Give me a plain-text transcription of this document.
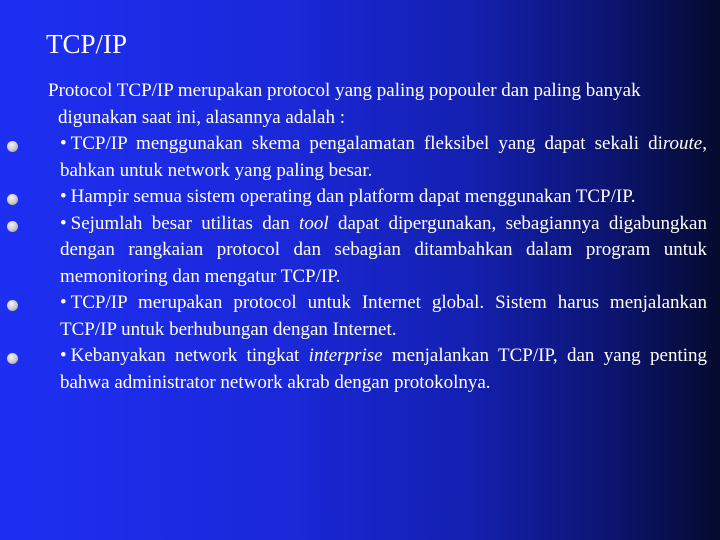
TCP/IP

Protocol TCP/IP merupakan protocol yang paling popouler dan paling banyak digunakan saat ini, alasannya adalah :

• TCP/IP menggunakan skema pengalamatan fleksibel yang dapat sekali diroute, bahkan untuk network yang paling besar.
• Hampir semua sistem operating dan platform dapat menggunakan TCP/IP.
• Sejumlah besar utilitas dan tool dapat dipergunakan, sebagiannya digabungkan dengan rangkaian protocol dan sebagian ditambahkan dalam program untuk memonitoring dan mengatur TCP/IP.
• TCP/IP merupakan protocol untuk Internet global. Sistem harus menjalankan TCP/IP untuk berhubungan dengan Internet.
• Kebanyakan network tingkat interprise menjalankan TCP/IP, dan yang penting bahwa administrator network akrab dengan protokolnya.
